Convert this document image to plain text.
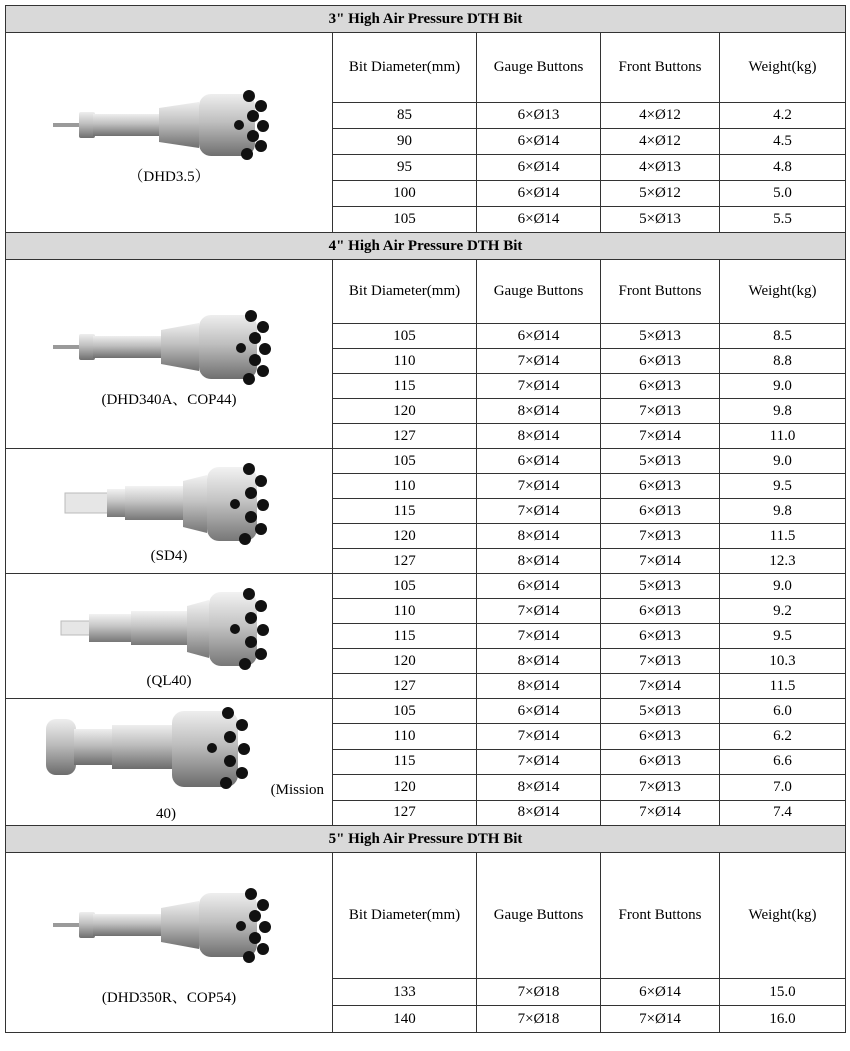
3" High Air Pressure DTH Bit				

（DHD3.5）	Bit Diameter(mm)	Gauge Buttons	Front Buttons	Weight(kg)
	85	6×Ø13	4×Ø12	4.2
	90	6×Ø14	4×Ø12	4.5
	95	6×Ø14	4×Ø13	4.8
	100	6×Ø14	5×Ø12	5.0
	105	6×Ø14	5×Ø13	5.5
4" High Air Pressure DTH Bit				

(DHD340A、COP44)	Bit Diameter(mm)	Gauge Buttons	Front Buttons	Weight(kg)
	105	6×Ø14	5×Ø13	8.5
	110	7×Ø14	6×Ø13	8.8
	115	7×Ø14	6×Ø13	9.0
	120	8×Ø14	7×Ø13	9.8
	127	8×Ø14	7×Ø14	11.0

(SD4)	105	6×Ø14	5×Ø13	9.0
	110	7×Ø14	6×Ø13	9.5
	115	7×Ø14	6×Ø13	9.8
	120	8×Ø14	7×Ø13	11.5
	127	8×Ø14	7×Ø14	12.3

(QL40)	105	6×Ø14	5×Ø13	9.0
	110	7×Ø14	6×Ø13	9.2
	115	7×Ø14	6×Ø13	9.5
	120	8×Ø14	7×Ø13	10.3
	127	8×Ø14	7×Ø14	11.5

(Mission
40)	105	6×Ø14	5×Ø13	6.0
	110	7×Ø14	6×Ø13	6.2
	115	7×Ø14	6×Ø13	6.6
	120	8×Ø14	7×Ø13	7.0
	127	8×Ø14	7×Ø14	7.4
5" High Air Pressure DTH Bit				

(DHD350R、COP54)	Bit Diameter(mm)	Gauge Buttons	Front Buttons	Weight(kg)
	133	7×Ø18	6×Ø14	15.0
	140	7×Ø18	7×Ø14	16.0
